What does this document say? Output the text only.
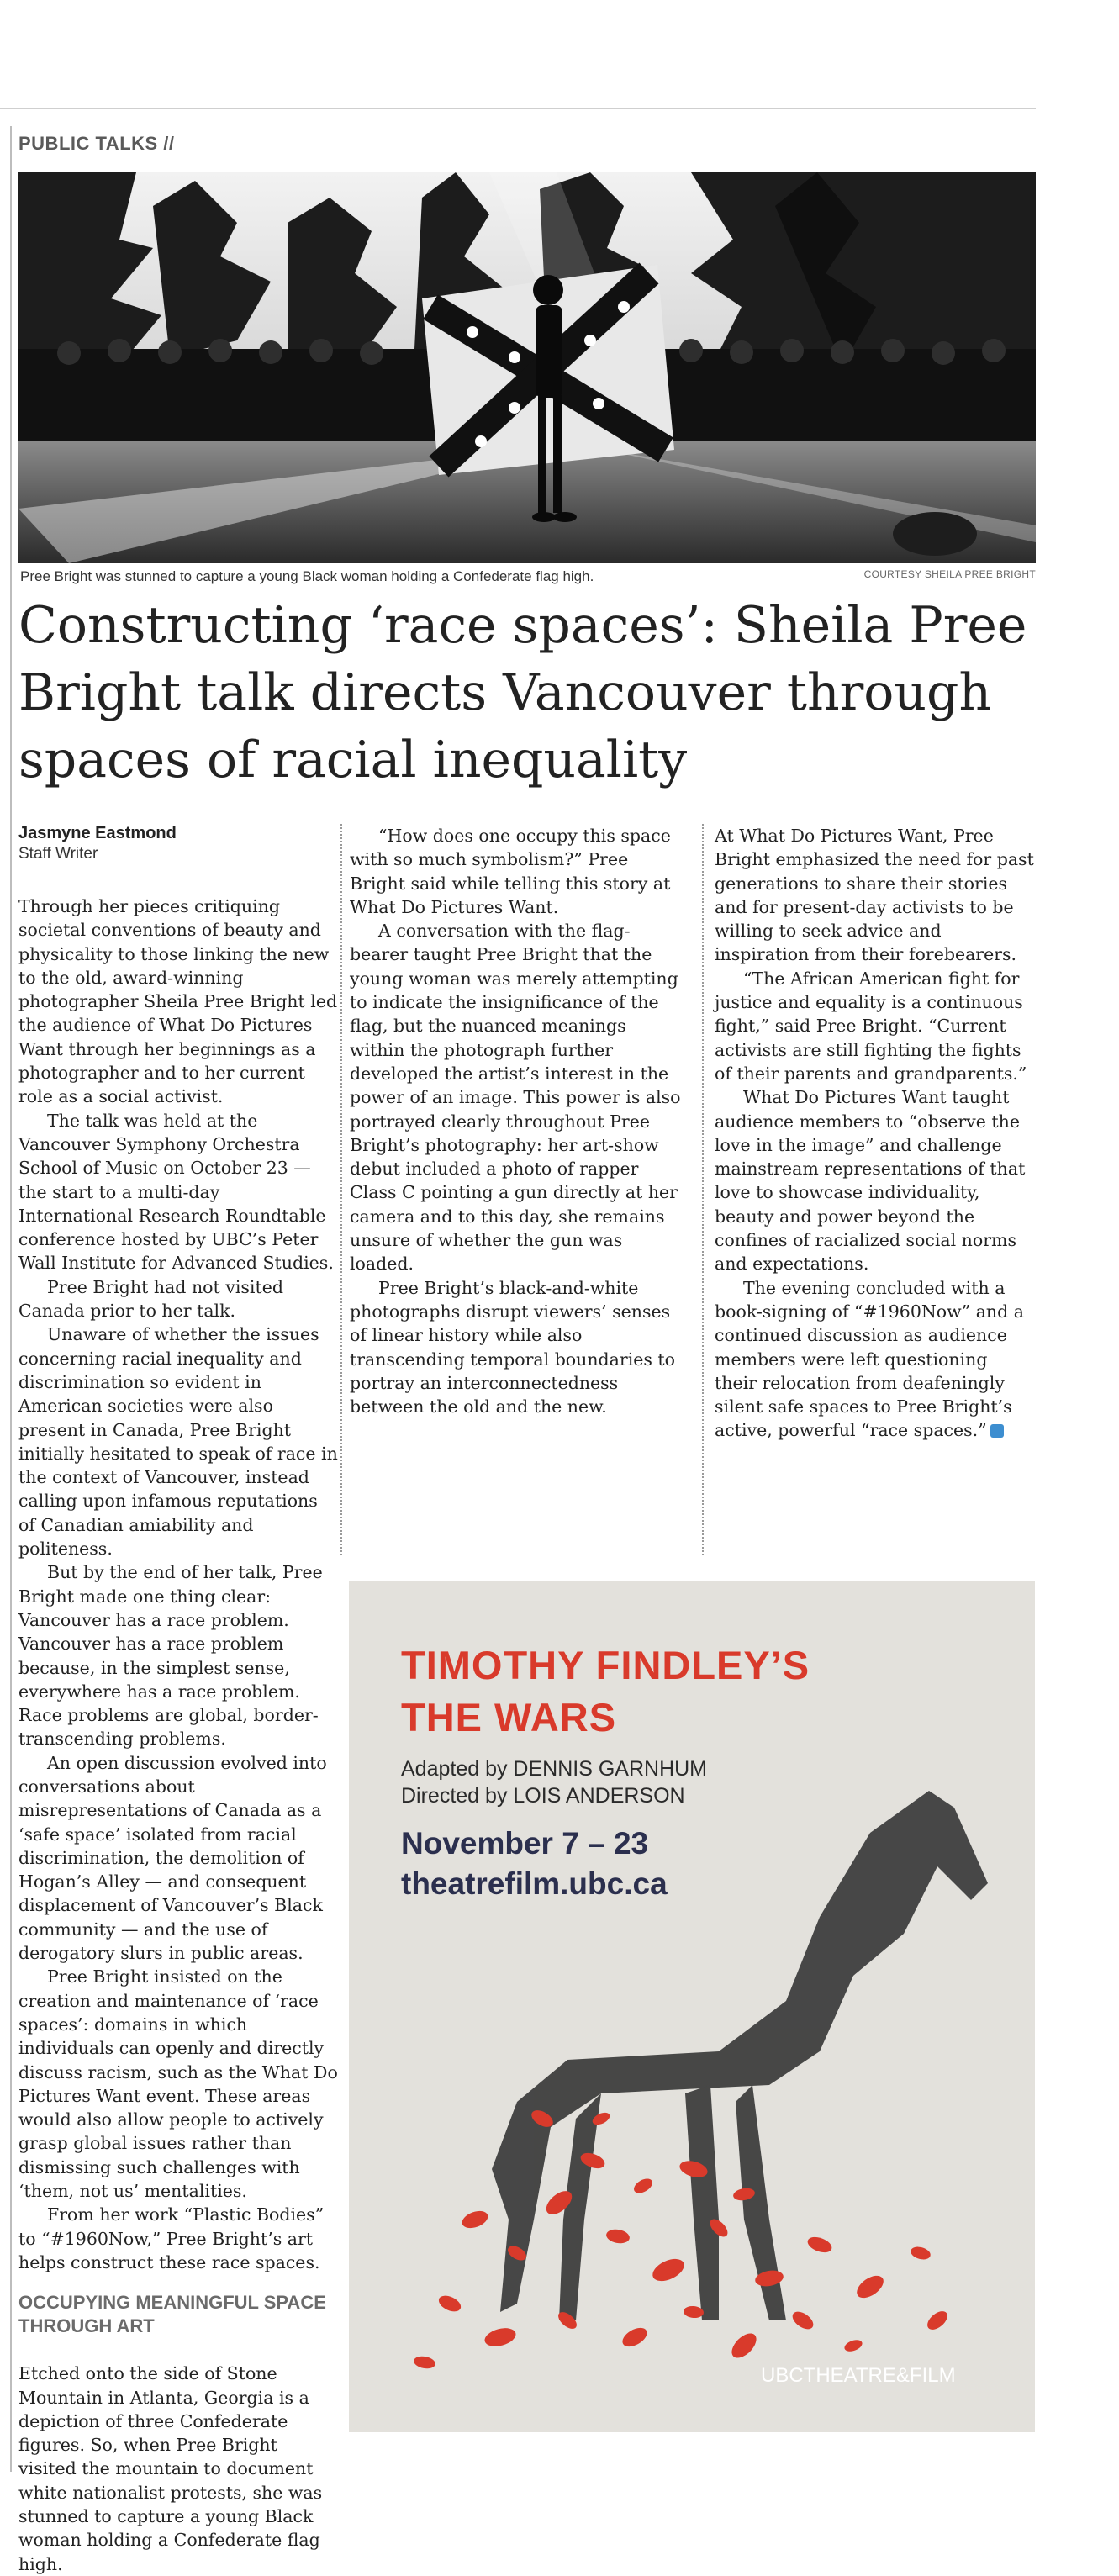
PUBLIC TALKS //
Pree Bright was stunned to capture a young Black woman holding a Confederate flag high.	COURTESY SHEILA PREE BRIGHT
Constructing ‘race spaces’: Sheila Pree Bright talk directs Vancouver through spaces of racial inequality
Jasmyne Eastmond
Staff Writer

Through her pieces critiquing societal conventions of beauty and physicality to those linking the new to the old, award-winning photographer Sheila Pree Bright led the audience of What Do Pictures Want through her beginnings as a photographer and to her current role as a social activist.

The talk was held at the Vancouver Symphony Orchestra School of Music on October 23 — the start to a multi-day International Research Roundtable conference hosted by UBC’s Peter Wall Institute for Advanced Studies.

Pree Bright had not visited Canada prior to her talk.

Unaware of whether the issues concerning racial inequality and discrimination so evident in American societies were also present in Canada, Pree Bright initially hesitated to speak of race in the context of Vancouver, instead calling upon infamous reputations of Canadian amiability and politeness.

But by the end of her talk, Pree Bright made one thing clear: Vancouver has a race problem. Vancouver has a race problem because, in the simplest sense, everywhere has a race problem. Race problems are global, border-transcending problems.

An open discussion evolved into conversations about misrepresentations of Canada as a ‘safe space’ isolated from racial discrimination, the demolition of Hogan’s Alley — and consequent displacement of Vancouver’s Black community — and the use of derogatory slurs in public areas.

Pree Bright insisted on the creation and maintenance of ‘race spaces’: domains in which individuals can openly and directly discuss racism, such as the What Do Pictures Want event. These areas would also allow people to actively grasp global issues rather than dismissing such challenges with ‘them, not us’ mentalities.

From her work “Plastic Bodies” to “#1960Now,” Pree Bright’s art helps construct these race spaces.

OCCUPYING MEANINGFUL SPACE THROUGH ART

Etched onto the side of Stone Mountain in Atlanta, Georgia is a depiction of three Confederate figures. So, when Pree Bright visited the mountain to document white nationalist protests, she was stunned to capture a young Black woman holding a Confederate flag high.

“How does one occupy this space with so much symbolism?” Pree Bright said while telling this story at What Do Pictures Want.

A conversation with the flag-bearer taught Pree Bright that the young woman was merely attempting to indicate the insignificance of the flag, but the nuanced meanings within the photograph further developed the artist’s interest in the power of an image. This power is also portrayed clearly throughout Pree Bright’s photography: her art-show debut included a photo of rapper Class C pointing a gun directly at her camera and to this day, she remains unsure of whether the gun was loaded.

Pree Bright’s black-and-white photographs disrupt viewers’ senses of linear history while also transcending temporal boundaries to portray an interconnectedness between the old and the new.

At What Do Pictures Want, Pree Bright emphasized the need for past generations to share their stories and for present-day activists to be willing to seek advice and inspiration from their forebearers.

“The African American fight for justice and equality is a continuous fight,” said Pree Bright. “Current activists are still fighting the fights of their parents and grandparents.”

What Do Pictures Want taught audience members to “observe the love in the image” and challenge mainstream representations of that love to showcase individuality, beauty and power beyond the confines of racialized social norms and expectations.

The evening concluded with a book-signing of “#1960Now” and a continued discussion as audience members were left questioning their relocation from deafeningly silent safe spaces to Pree Bright’s active, powerful “race spaces.”

TIMOTHY FINDLEY’S
THE WARS
Adapted by DENNIS GARNHUM
Directed by LOIS ANDERSON
November 7 – 23
theatrefilm.ubc.ca
UBCTHEATRE&FILM
